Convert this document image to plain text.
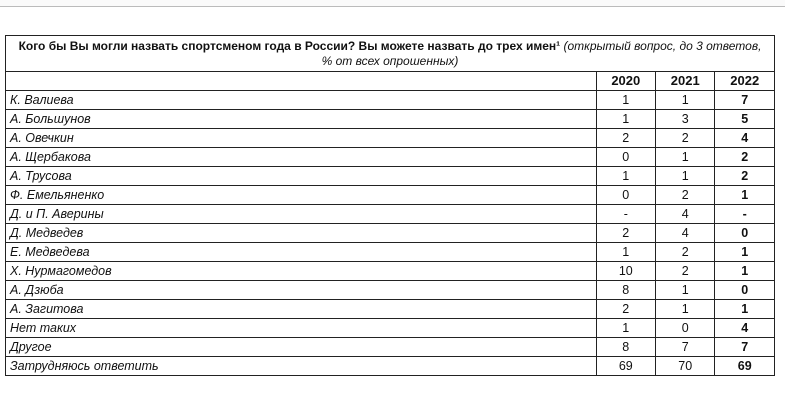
Кого бы Вы могли назвать спортсменом года в России? Вы можете назвать до трех имен¹ (открытый вопрос, до 3 ответов, % от всех опрошенных)			
	2020	2021	2022
К. Валиева	1	1	7
А. Большунов	1	3	5
А. Овечкин	2	2	4
А. Щербакова	0	1	2
А. Трусова	1	1	2
Ф. Емельяненко	0	2	1
Д. и П. Аверины	-	4	-
Д. Медведев	2	4	0
Е. Медведева	1	2	1
Х. Нурмагомедов	10	2	1
А. Дзюба	8	1	0
А. Загитова	2	1	1
Нет таких	1	0	4
Другое	8	7	7
Затрудняюсь ответить	69	70	69
